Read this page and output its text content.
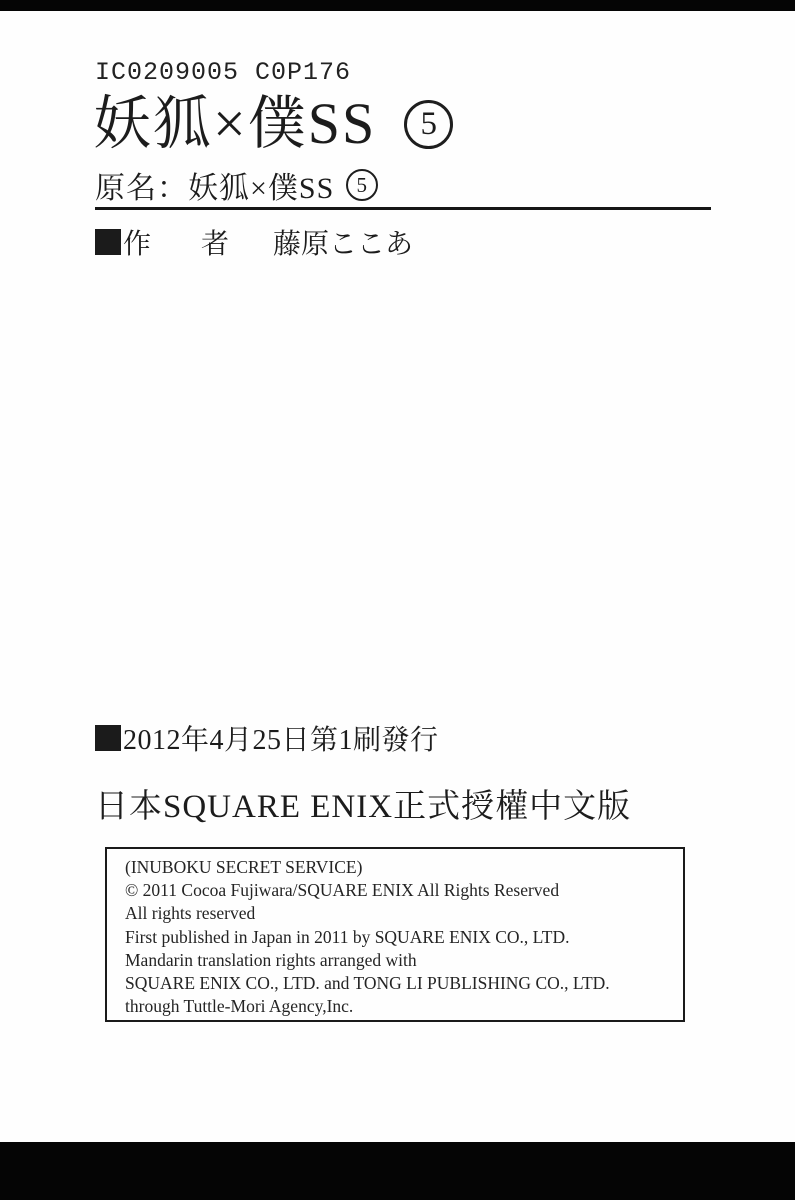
IC0209005 C0P176
妖狐×僕SS 5
原名：妖狐×僕SS 5
作 者 藤原ここあ
2012年4月25日第1刷發行
日本SQUARE ENIX正式授權中文版
(INUBOKU SECRET SERVICE)
© 2011 Cocoa Fujiwara/SQUARE ENIX All Rights Reserved
All rights reserved
First published in Japan in 2011 by SQUARE ENIX CO., LTD.
Mandarin translation rights arranged with
SQUARE ENIX CO., LTD. and TONG LI PUBLISHING CO., LTD.
through Tuttle-Mori Agency,Inc.
